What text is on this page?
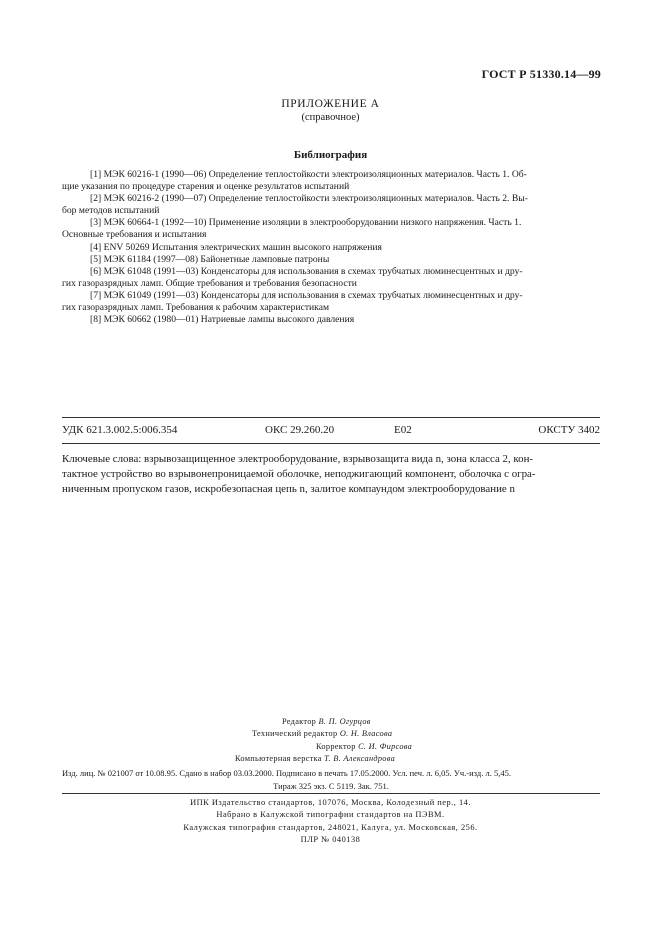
ГОСТ Р 51330.14—99
ПРИЛОЖЕНИЕ А
(справочное)
Библиография
[1] МЭК 60216-1 (1990—06) Определение теплостойкости электроизоляционных материалов. Часть 1. Об-
щие указания по процедуре старения и оценке результатов испытаний
[2] МЭК 60216-2 (1990—07) Определение теплостойкости электроизоляционных материалов. Часть 2. Вы-
бор методов испытаний
[3] МЭК 60664-1 (1992—10) Применение изоляции в электрооборудовании низкого напряжения. Часть 1.
Основные требования и испытания
[4] ENV 50269 Испытания электрических машин высокого напряжения
[5] МЭК 61184 (1997—08) Байонетные ламповые патроны
[6] МЭК 61048 (1991—03) Конденсаторы для использования в схемах трубчатых люминесцентных и дру-
гих газоразрядных ламп. Общие требования и требования безопасности
[7] МЭК 61049 (1991—03) Конденсаторы для использования в схемах трубчатых люминесцентных и дру-
гих газоразрядных ламп. Требования к рабочим характеристикам
[8] МЭК 60662 (1980—01) Натриевые лампы высокого давления
УДК 621.3.002.5:006.354	ОКС 29.260.20	Е02	ОКСТУ 3402
Ключевые слова: взрывозащищенное электрооборудование, взрывозащита вида n, зона класса 2, кон-
тактное устройство во взрывонепроницаемой оболочке, неподжигающий компонент, оболочка с огра-
ниченным пропуском газов, искробезопасная цепь n, залитое компаундом электрооборудование n
Редактор В. П. Огурцов
Технический редактор О. Н. Власова
Корректор С. И. Фирсова
Компьютерная верстка Т. В. Александрова
Изд. лиц. № 021007 от 10.08.95. Сдано в набор 03.03.2000. Подписано в печать 17.05.2000. Усл. печ. л. 6,05. Уч.-изд. л. 5,45.
Тираж 325 экз. С 5119. Зак. 751.
ИПК Издательство стандартов, 107076, Москва, Колодезный пер., 14.
Набрано в Калужской типографии стандартов на ПЭВМ.
Калужская типография стандартов, 248021, Калуга, ул. Московская, 256.
ПЛР № 040138
